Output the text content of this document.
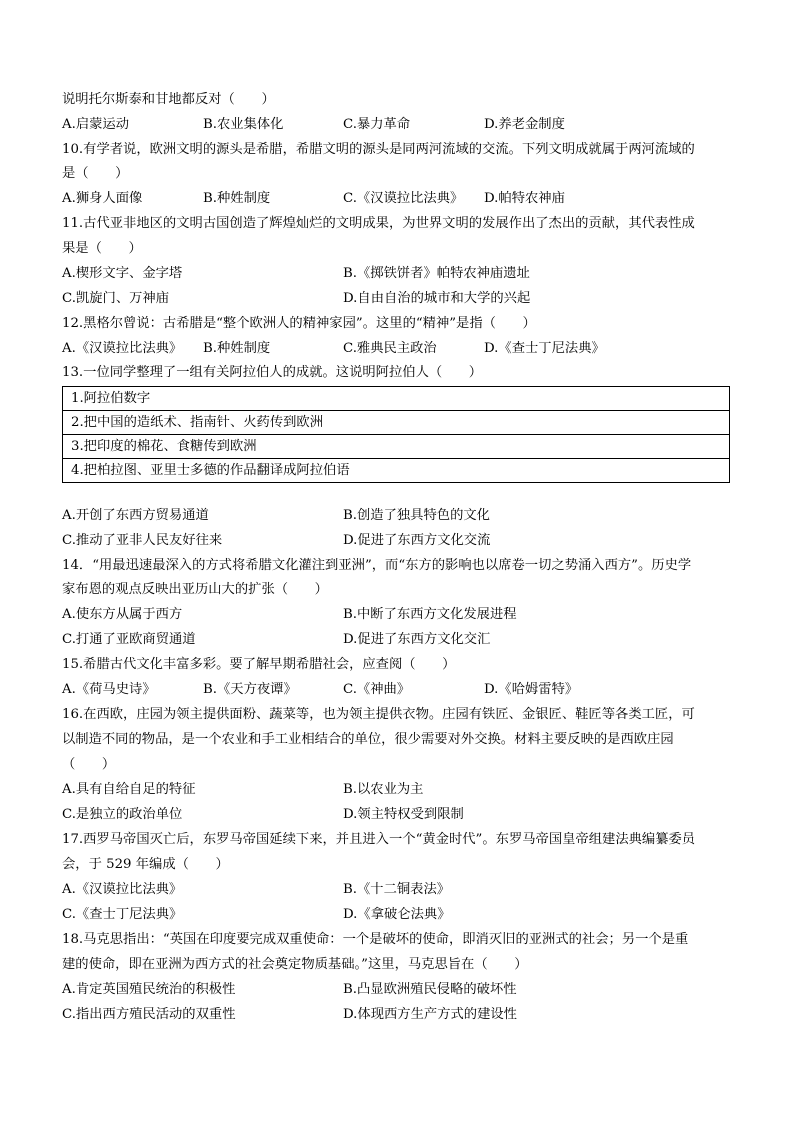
说明托尔斯泰和甘地都反对（　　）
A.启蒙运动	B.农业集体化	C.暴力革命	D.养老金制度
10.有学者说，欧洲文明的源头是希腊，希腊文明的源头是同两河流域的交流。下列文明成就属于两河流域的
是（　　）
A.狮身人面像	B.种姓制度	C.《汉谟拉比法典》 D.帕特农神庙
11.古代亚非地区的文明古国创造了辉煌灿烂的文明成果，为世界文明的发展作出了杰出的贡献，其代表性成
果是（　　）
A.楔形文字、金字塔	B.《掷铁饼者》帕特农神庙遗址
C.凯旋门、万神庙	D.自由自治的城市和大学的兴起
12.黑格尔曾说：古希腊是“整个欧洲人的精神家园”。这里的“精神”是指（　　）
A.《汉谟拉比法典》 B.种姓制度	C.雅典民主政治	D.《查士丁尼法典》
13.一位同学整理了一组有关阿拉伯人的成就。这说明阿拉伯人（　　）
1.阿拉伯数字
2.把中国的造纸术、指南针、火药传到欧洲
3.把印度的棉花、食糖传到欧洲
4.把柏拉图、亚里士多德的作品翻译成阿拉伯语
A.开创了东西方贸易通道	B.创造了独具特色的文化
C.推动了亚非人民友好往来	D.促进了东西方文化交流
14．“用最迅速最深入的方式将希腊文化灌注到亚洲”，而“东方的影响也以席卷一切之势涌入西方”。历史学
家布恩的观点反映出亚历山大的扩张（　　）
A.使东方从属于西方	B.中断了东西方文化发展进程
C.打通了亚欧商贸通道	D.促进了东西方文化交汇
15.希腊古代文化丰富多彩。要了解早期希腊社会，应查阅（　　）
A.《荷马史诗》	B.《天方夜谭》	C.《神曲》	D.《哈姆雷特》
16.在西欧，庄园为领主提供面粉、蔬菜等，也为领主提供衣物。庄园有铁匠、金银匠、鞋匠等各类工匠，可
以制造不同的物品，是一个农业和手工业相结合的单位，很少需要对外交换。材料主要反映的是西欧庄园
（　　）
A.具有自给自足的特征	B.以农业为主
C.是独立的政治单位	D.领主特权受到限制
17.西罗马帝国灭亡后，东罗马帝国延续下来，并且进入一个“黄金时代”。东罗马帝国皇帝组建法典编纂委员
会，于 529 年编成（　　）
A.《汉谟拉比法典》	B.《十二铜表法》
C.《查士丁尼法典》	D.《拿破仑法典》
18.马克思指出：“英国在印度要完成双重使命：一个是破坏的使命，即消灭旧的亚洲式的社会；另一个是重
建的使命，即在亚洲为西方式的社会奠定物质基础。”这里，马克思旨在（　　）
A.肯定英国殖民统治的积极性	B.凸显欧洲殖民侵略的破坏性
C.指出西方殖民活动的双重性	D.体现西方生产方式的建设性
